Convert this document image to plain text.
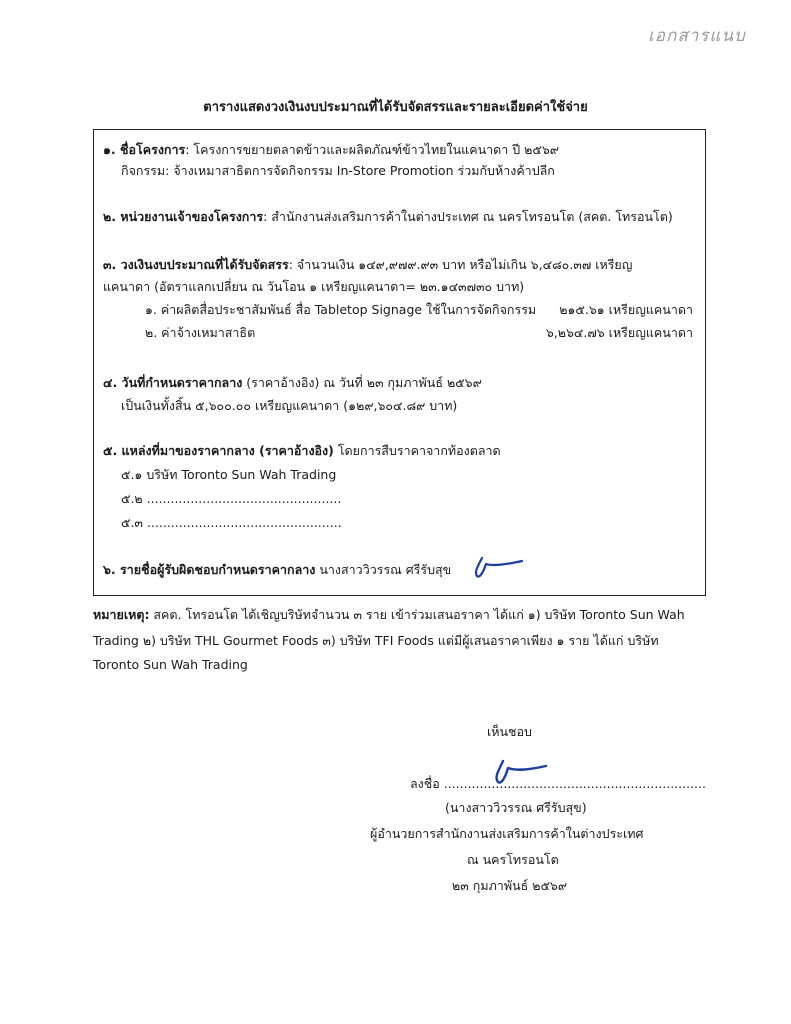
เอกสารแนบ
ตารางแสดงวงเงินงบประมาณที่ได้รับจัดสรรและรายละเอียดค่าใช้จ่าย
๑. ชื่อโครงการ: โครงการขยายตลาดข้าวและผลิตภัณฑ์ข้าวไทยในแคนาดา ปี ๒๕๖๙
กิจกรรม: จ้างเหมาสาธิตการจัดกิจกรรม In-Store Promotion ร่วมกับห้างค้าปลีก
๒. หน่วยงานเจ้าของโครงการ: สำนักงานส่งเสริมการค้าในต่างประเทศ ณ นครโทรอนโต (สคต. โทรอนโต)
๓. วงเงินงบประมาณที่ได้รับจัดสรร: จำนวนเงิน ๑๔๙,๙๗๙.๙๓ บาท หรือไม่เกิน ๖,๔๘๐.๓๗ เหรียญ
แคนาดา (อัตราแลกเปลี่ยน ณ วันโอน ๑ เหรียญแคนาดา= ๒๓.๑๔๓๗๓๐ บาท)
๑. ค่าผลิตสื่อประชาสัมพันธ์ สื่อ Tabletop Signage ใช้ในการจัดกิจกรรม ๒๑๕.๖๑ เหรียญแคนาดา
๒. ค่าจ้างเหมาสาธิต	๖,๒๖๔.๗๖ เหรียญแคนาดา
๔. วันที่กำหนดราคากลาง (ราคาอ้างอิง) ณ วันที่ ๒๓ กุมภาพันธ์ ๒๕๖๙
เป็นเงินทั้งสิ้น ๕,๖๐๐.๐๐ เหรียญแคนาดา (๑๒๙,๖๐๔.๘๙ บาท)
๕. แหล่งที่มาของราคากลาง (ราคาอ้างอิง) โดยการสืบราคาจากท้องตลาด
๕.๑ บริษัท Toronto Sun Wah Trading
๕.๒ .................................................
๕.๓ .................................................
๖. รายชื่อผู้รับผิดชอบกำหนดราคากลาง นางสาววิวรรณ ศรีรับสุข
หมายเหตุ: สคต. โทรอนโต ได้เชิญบริษัทจำนวน ๓ ราย เข้าร่วมเสนอราคา ได้แก่ ๑) บริษัท Toronto Sun Wah
Trading ๒) บริษัท THL Gourmet Foods ๓) บริษัท TFI Foods แต่มีผู้เสนอราคาเพียง ๑ ราย ได้แก่ บริษัท
Toronto Sun Wah Trading
เห็นชอบ
ลงชื่อ ..................................................................
(นางสาววิวรรณ ศรีรับสุข)
ผู้อำนวยการสำนักงานส่งเสริมการค้าในต่างประเทศ
ณ นครโทรอนโต
๒๓ กุมภาพันธ์ ๒๕๖๙
